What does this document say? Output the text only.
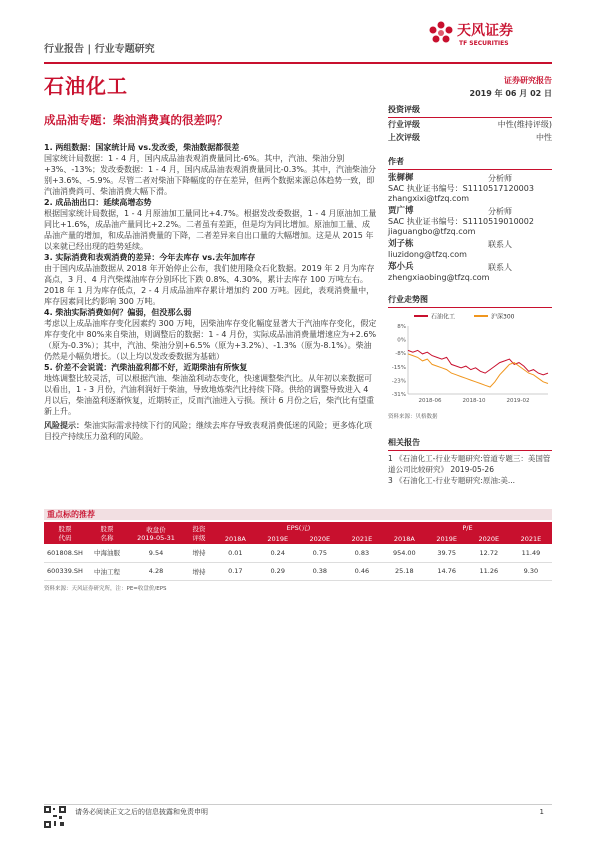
行业报告 | 行业专题研究
天风证券
TF SECURITIES
石油化工	证券研究报告
2019 年 06 月 02 日
成品油专题：柴油消费真的很差吗？

1. 两组数据：国家统计局 vs.发改委，柴油数据都很差

国家统计局数据：1 - 4 月，国内成品油表观消费量同比-6%。其中，汽油、柴油分别+3%、-13%；发改委数据：1 - 4 月，国内成品油表观消费量同比-0.3%。其中，汽油柴油分别+3.6%、-5.9%。尽管二者对柴油下降幅度的存在差异，但两个数据来源总体趋势一致，即汽油消费尚可、柴油消费大幅下滑。

2. 成品油出口：延续高增态势

根据国家统计局数据，1 - 4 月原油加工量同比+4.7%。根据发改委数据，1 - 4 月原油加工量同比+1.6%，成品油产量同比+2.2%。二者虽有差距，但是均为同比增加。原油加工量、成品油产量的增加，和成品油消费量的下降，二者差异来自出口量的大幅增加。这是从 2015 年以来就已经出现的趋势延续。

3. 实际消费和表观消费的差异：今年去库存 vs.去年加库存

由于国内成品油数据从 2018 年开始停止公布，我们使用隆众石化数据。2019 年 2 月为库存高点，3 月、4 月汽柴煤油库存分别环比下跌 0.8%、4.30%，累计去库存 100 万吨左右。2018 年 1 月为库存低点，2 - 4 月成品油库存累计增加约 200 万吨。因此，表观消费量中，库存因素同比约影响 300 万吨。

4. 柴油实际消费如何？偏弱，但没那么弱

考虑以上成品油库存变化因素约 300 万吨，因柴油库存变化幅度显著大于汽油库存变化，假定库存变化中 80%来自柴油，则调整后的数据：1 - 4 月份，实际成品油消费量增速应为+2.6%（原为-0.3%）；其中，汽油、柴油分别+6.5%（原为+3.2%）、-1.3%（原为-8.1%）。柴油仍然是小幅负增长。（以上均以发改委数据为基础）

5. 价差不会说谎：汽柴油盈利都不好，近期柴油有所恢复

地炼调整比较灵活，可以根据汽油、柴油盈利动态变化，快速调整柴汽比。从年初以来数据可以看出，1 - 3 月份，汽油利润好于柴油，导致地炼柴汽比持续下降。供给的调整导致进入 4 月以后，柴油盈利逐渐恢复，近期转正，反而汽油进入亏损。预计 6 月份之后，柴汽比有望重新上升。

风险提示：柴油实际需求持续下行的风险；继续去库存导致表观消费低迷的风险；更多炼化项目投产持续压力盈利的风险。

投资评级
行业评级	中性(维持评级)
上次评级	中性
作者
张樨樨	分析师
SAC 执业证书编号：S1110517120003
zhangxixi@tfzq.com
贾广博	分析师
SAC 执业证书编号：S1110519010002
jiaguangbo@tfzq.com
刘子栋	联系人
liuzidong@tfzq.com
郑小兵	联系人
zhengxiaobing@tfzq.com
行业走势图
石油化工	沪深300
8%
0%
-8%
-15%
-23%
-31%
2018-06	2018-10	2019-02
资料来源：贝格数据
相关报告
1 《石油化工-行业专题研究:管道专题三：美国管道公司比较研究》 2019-05-26
3 《石油化工-行业专题研究:原油:美...
重点标的推荐
股票
代码	股票
名称	收盘价
2019-05-31	投资
评级	EPS(元)				P/E			
				2018A	2019E	2020E	2021E	2018A	2019E	2020E	2021E
601808.SH	中海油服	9.54	增持	0.01	0.24	0.75	0.83	954.00	39.75	12.72	11.49
600339.SH	中油工程	4.28	增持	0.17	0.29	0.38	0.46	25.18	14.76	11.26	9.30
资料来源：天风证券研究所，注：PE=收盘价/EPS
请务必阅读正文之后的信息披露和免责申明	1
